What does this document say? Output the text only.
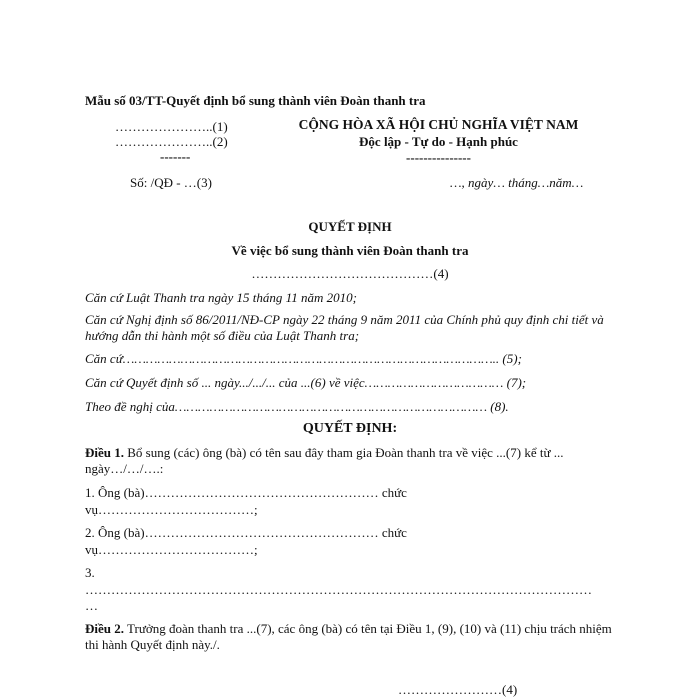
Mẫu số 03/TT-Quyết định bổ sung thành viên Đoàn thanh tra
…………………..(1)
…………………..(2)
-------
Số: /QĐ - …(3)
CỘNG HÒA XÃ HỘI CHỦ NGHĨA VIỆT NAM
Độc lập - Tự do - Hạnh phúc
---------------
…, ngày… tháng…năm…
QUYẾT ĐỊNH
Về việc bổ sung thành viên Đoàn thanh tra
……………………………………(4)
Căn cứ Luật Thanh tra ngày 15 tháng 11 năm 2010;
Căn cứ Nghị định số 86/2011/NĐ-CP ngày 22 tháng 9 năm 2011 của Chính phủ quy định chi tiết và hướng dẫn thi hành một số điều của Luật Thanh tra;
Căn cứ…………………………………………………………………………………….. (5);
Căn cứ Quyết định số ... ngày.../.../... của ...(6) về việc……………………………… (7);
Theo đề nghị của……………………………………………………………………… (8).
QUYẾT ĐỊNH:
Điều 1. Bổ sung (các) ông (bà) có tên sau đây tham gia Đoàn thanh tra về việc ...(7) kể từ ... ngày…/…/….:
1. Ông (bà)……………………………………………… chức
vụ………………………………;
2. Ông (bà)……………………………………………… chức
vụ………………………………;
3.
………………………………………………………………………………………………………
…
Điều 2. Trưởng đoàn thanh tra ...(7), các ông (bà) có tên tại Điều 1, (9), (10) và (11) chịu trách nhiệm thi hành Quyết định này./.
……………………(4)
